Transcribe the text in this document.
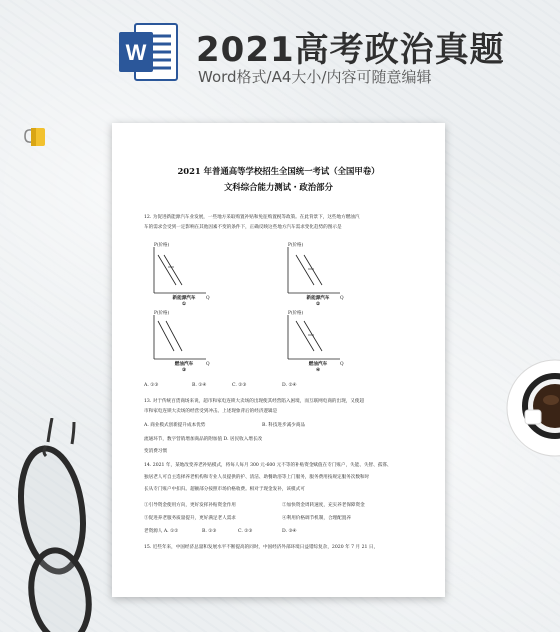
W 2021高考政治真题
Word格式/A4大小/内容可随意编辑
2021 年普通高等学校招生全国统一考试（全国甲卷）
文科综合能力测试・政治部分
12. 为促进新能源汽车业发展，一些地方采取购置补贴和免征购置税等政策。在此背景下，这些地方燃油汽
车的需求会受到一定影响在其他因素不变的条件下，正确反映这些地方汽车需求变化趋势的图示是
P(价格)
Q
新能源汽车
①
P(价格)
Q
新能源汽车
②
P(价格)
Q
燃油汽车
③
P(价格)
Q
燃油汽车
④
A. ①③	B. ①④	C. ②③	D. ②④
13. 对于传统百货商场来说，超市和家电连锁大卖场的出现使其经营陷入困境，而互联网电商的出现，又使超
市和家电连锁大卖场的经营受到冲击。上述现象背后的经济逻辑是
A. 商业模式创新提升成本优势	B. 科技进步减少商品
流通环节，数字营销增加商品的附加值 D. 居民收入增长改
变消费习惯
14. 2021 年，某地改变养老补贴模式，将每人每月 300 元-600 元不等的补贴资金赋值在专门账户，失能、失智、孤寡、
独居老人可自主选择养老机构和专业人员提供的护、清洁、助餐助浴等上门服务，服务费用按规定服务次数和时
长从专门账户中扣归。超额部分按照市场价格收费。相对于现金发补，该模式可
①引导资金使用方向，更好发挥补贴资金作用	②加快资金周转速度，充实养老保障资金
③促进养老服务质量提升，更好满足老人需求	④利用价格调节机制，合理配置养
老资源人 A. ①②	B. ①③	C. ②③	D. ③④
15. 近些年来，中国经济总量和发展水平不断提高的同时，中国经济外部环境日益错综复杂，2020 年 7 月 21 日，
